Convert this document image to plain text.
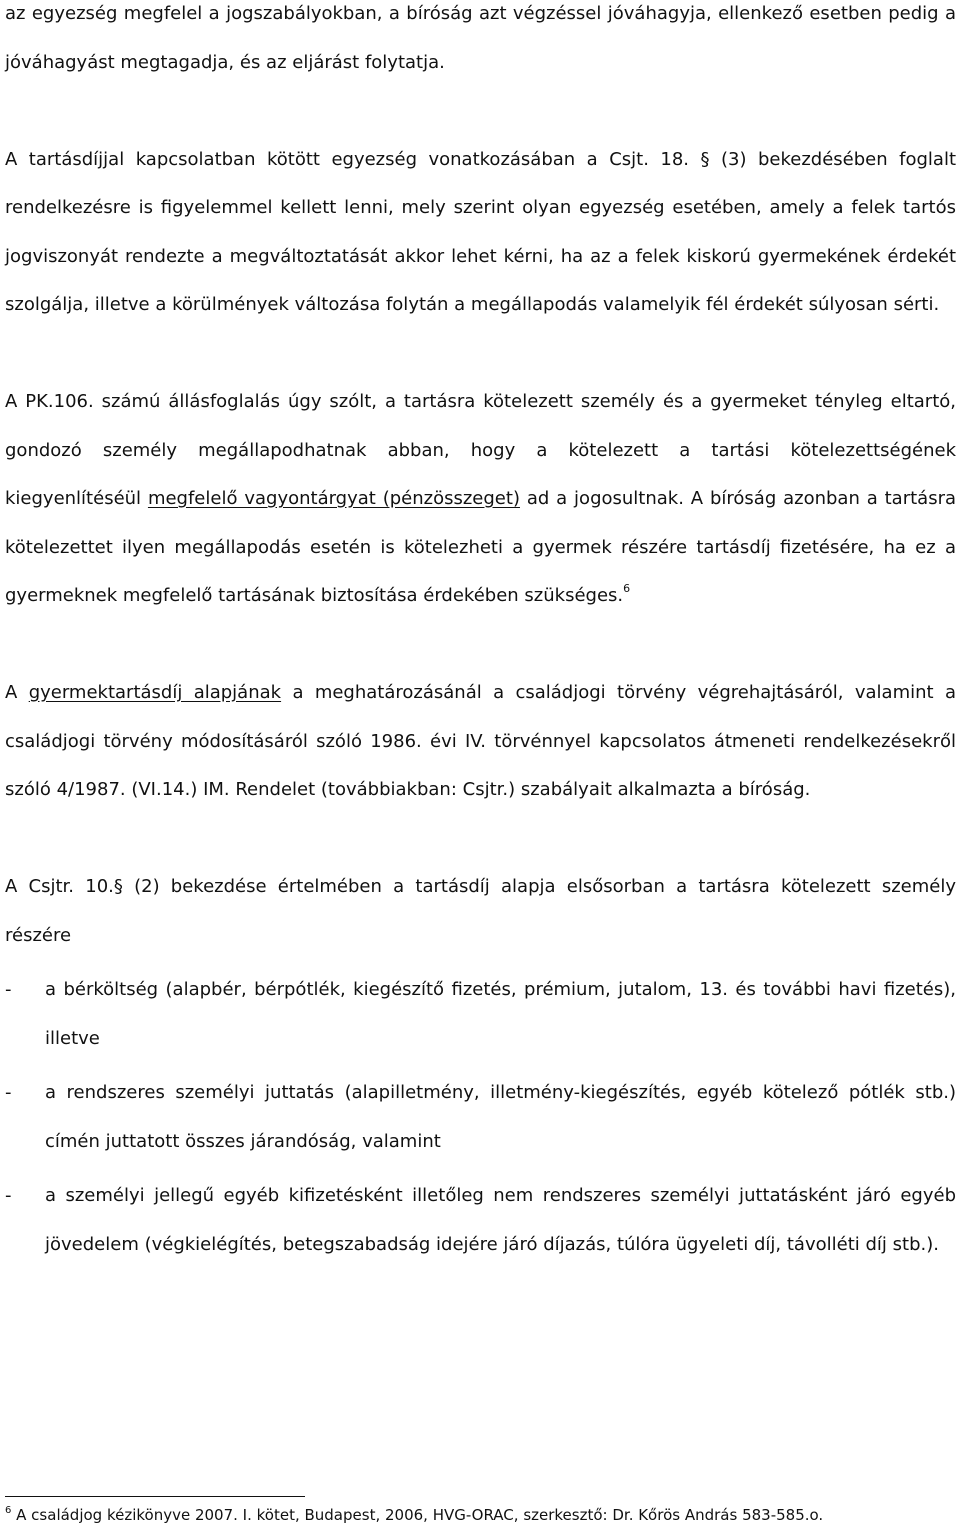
az egyezség megfelel a jogszabályokban, a bíróság azt végzéssel jóváhagyja, ellenkező esetben pedig a jóváhagyást megtagadja, és az eljárást folytatja.

A tartásdíjjal kapcsolatban kötött egyezség vonatkozásában a Csjt. 18. § (3) bekezdésében foglalt rendelkezésre is figyelemmel kellett lenni, mely szerint olyan egyezség esetében, amely a felek tartós jogviszonyát rendezte a megváltoztatását akkor lehet kérni, ha az a felek kiskorú gyermekének érdekét szolgálja, illetve a körülmények változása folytán a megállapodás valamelyik fél érdekét súlyosan sérti.

A PK.106. számú állásfoglalás úgy szólt, a tartásra kötelezett személy és a gyermeket tényleg eltartó, gondozó személy megállapodhatnak abban, hogy a kötelezett a tartási kötelezettségének kiegyenlítéséül megfelelő vagyontárgyat (pénzösszeget) ad a jogosultnak. A bíróság azonban a tartásra kötelezettet ilyen megállapodás esetén is kötelezheti a gyermek részére tartásdíj fizetésére, ha ez a gyermeknek megfelelő tartásának biztosítása érdekében szükséges.$^6$

A gyermektartásdíj alapjának a meghatározásánál a családjogi törvény végrehajtásáról, valamint a családjogi törvény módosításáról szóló 1986. évi IV. törvénnyel kapcsolatos átmeneti rendelkezésekről szóló 4/1987. (VI.14.) IM. Rendelet (továbbiakban: Csjtr.) szabályait alkalmazta a bíróság.

A Csjtr. 10.§ (2) bekezdése értelmében a tartásdíj alapja elsősorban a tartásra kötelezett személy részére

- a bérköltség (alapbér, bérpótlék, kiegészítő fizetés, prémium, jutalom, 13. és további havi fizetés), illetve
- a rendszeres személyi juttatás (alapilletmény, illetmény-kiegészítés, egyéb kötelező pótlék stb.) címén juttatott összes járandóság, valamint
- a személyi jellegű egyéb kifizetésként illetőleg nem rendszeres személyi juttatásként járó egyéb jövedelem (végkielégítés, betegszabadság idejére járó díjazás, túlóra ügyeleti díj, távolléti díj stb.).
$^6$ A családjog kézikönyve 2007. I. kötet, Budapest, 2006, HVG-ORAC, szerkesztő: Dr. Kőrös András 583-585.o.
